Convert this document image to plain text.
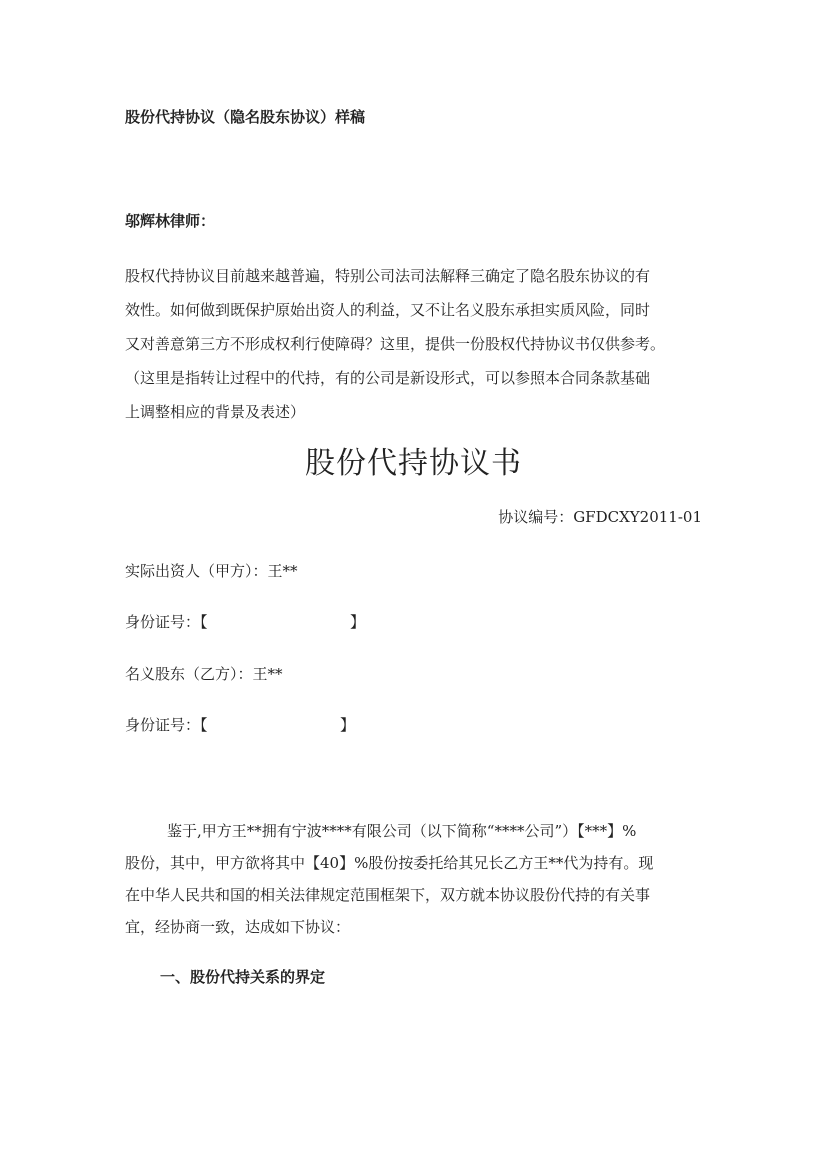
股份代持协议（隐名股东协议）样稿
邬辉林律师：
股权代持协议目前越来越普遍，特别公司法司法解释三确定了隐名股东协议的有
效性。如何做到既保护原始出资人的利益，又不让名义股东承担实质风险，同时
又对善意第三方不形成权利行使障碍？这里，提供一份股权代持协议书仅供参考。
（这里是指转让过程中的代持，有的公司是新设形式，可以参照本合同条款基础
上调整相应的背景及表述）
股份代持协议书
协议编号：GFDCXY2011-01
实际出资人（甲方）：王**
身份证号：【	】
名义股东（乙方）：王**
身份证号：【	】
鉴于,甲方王**拥有宁波****有限公司（以下简称“****公司”）【***】%
股份，其中，甲方欲将其中【40】%股份按委托给其兄长乙方王**代为持有。现
在中华人民共和国的相关法律规定范围框架下，双方就本协议股份代持的有关事
宜，经协商一致，达成如下协议：
一、股份代持关系的界定
